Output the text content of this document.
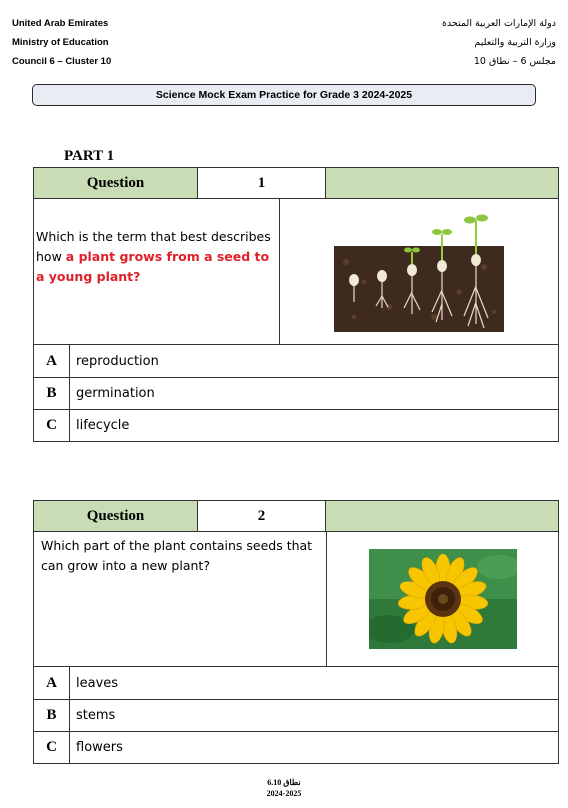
United Arab Emirates
Ministry of Education
Council 6 – Cluster 10
دولة الإمارات العربية المتحدة
وزارة التربية والتعليم
مجلس 6 – نطاق 10
Science Mock Exam Practice for Grade 3 2024-2025
PART 1
Question	1
Which is the term that best describes how a plant grows from a seed to a young plant?
A	reproduction
B	germination
C	lifecycle
Question	2
Which part of the plant contains seeds that can grow into a new plant?
A	leaves
B	stems
C	flowers
نطاق 6.10
2024-2025
